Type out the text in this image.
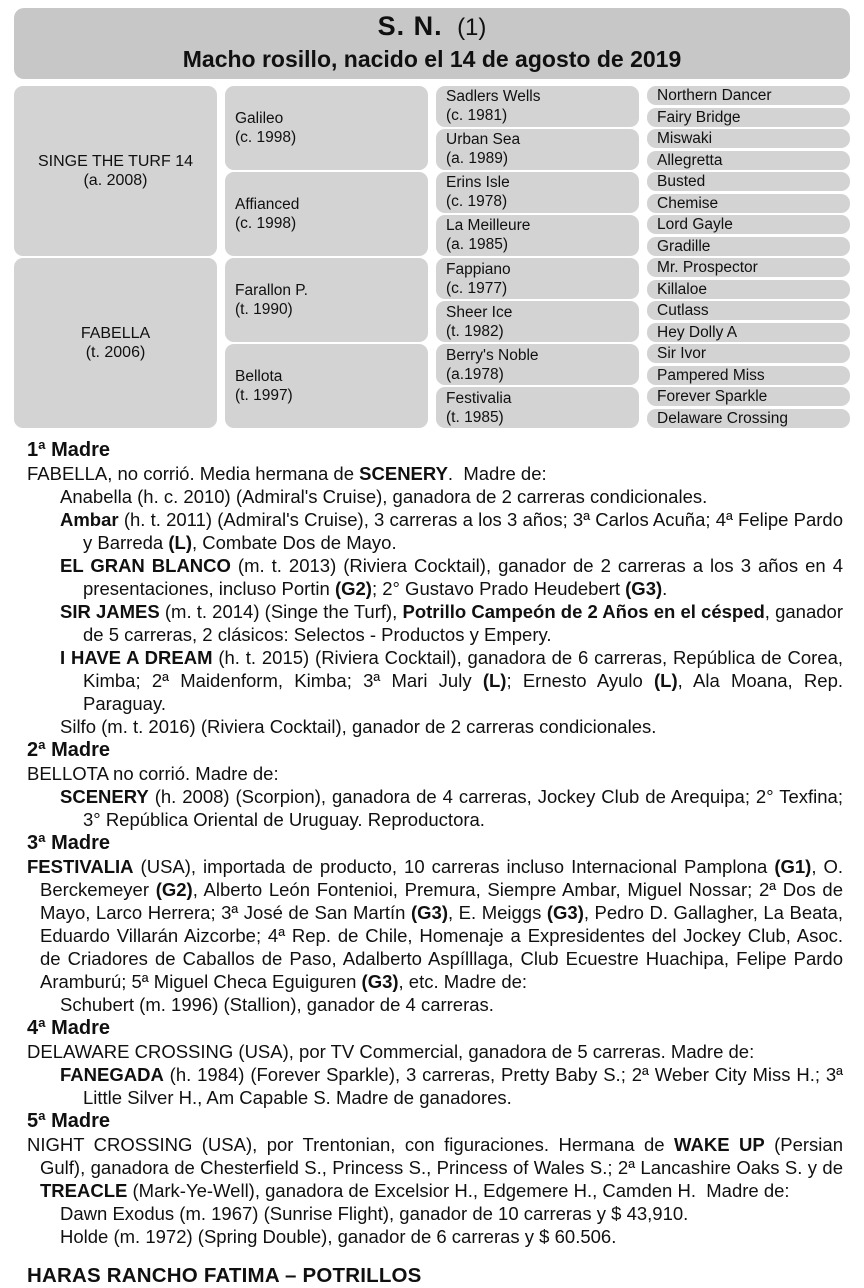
S. N. (1)
Macho rosillo, nacido el 14 de agosto de 2019
SINGE THE TURF 14
(a. 2008)
FABELLA
(t. 2006)
Galileo
(c. 1998)
Affianced
(c. 1998)
Farallon P.
(t. 1990)
Bellota
(t. 1997)
Sadlers Wells
(c. 1981)
Urban Sea
(a. 1989)
Erins Isle
(c. 1978)
La Meilleure
(a. 1985)
Fappiano
(c. 1977)
Sheer Ice
(t. 1982)
Berry's Noble
(a.1978)
Festivalia
(t. 1985)
Northern Dancer
Fairy Bridge
Miswaki
Allegretta
Busted
Chemise
Lord Gayle
Gradille
Mr. Prospector
Killaloe
Cutlass
Hey Dolly A
Sir Ivor
Pampered Miss
Forever Sparkle
Delaware Crossing
1ª Madre
FABELLA, no corrió. Media hermana de SCENERY.  Madre de:
Anabella (h. c. 2010) (Admiral's Cruise), ganadora de 2 carreras condicionales.
Ambar (h. t. 2011) (Admiral's Cruise), 3 carreras a los 3 años; 3ª Carlos Acuña; 4ª Felipe Pardo y Barreda (L), Combate Dos de Mayo.
EL GRAN BLANCO (m. t. 2013) (Riviera Cocktail), ganador de 2 carreras a los 3 años en 4 presentaciones, incluso Portin (G2); 2° Gustavo Prado Heudebert (G3).
SIR JAMES (m. t. 2014) (Singe the Turf), Potrillo Campeón de 2 Años en el césped, ganador de 5 carreras, 2 clásicos: Selectos - Productos y Empery.
I HAVE A DREAM (h. t. 2015) (Riviera Cocktail), ganadora de 6 carreras, República de Corea, Kimba; 2ª Maidenform, Kimba; 3ª Mari July (L); Ernesto Ayulo (L), Ala Moana, Rep. Paraguay.
Silfo (m. t. 2016) (Riviera Cocktail), ganador de 2 carreras condicionales.
2ª Madre
BELLOTA no corrió. Madre de:
SCENERY (h. 2008) (Scorpion), ganadora de 4 carreras, Jockey Club de Arequipa; 2° Texfina; 3° República Oriental de Uruguay. Reproductora.
3ª Madre
FESTIVALIA (USA), importada de producto, 10 carreras incluso Internacional Pamplona (G1), O. Berckemeyer (G2), Alberto León Fontenioi, Premura, Siempre Ambar, Miguel Nossar; 2ª Dos de Mayo, Larco Herrera; 3ª José de San Martín (G3), E. Meiggs (G3), Pedro D. Gallagher, La Beata, Eduardo Villarán Aizcorbe; 4ª Rep. de Chile, Homenaje a Expresidentes del Jockey Club, Asoc. de Criadores de Caballos de Paso, Adalberto Aspílllaga, Club Ecuestre Huachipa, Felipe Pardo Aramburú; 5ª Miguel Checa Eguiguren (G3), etc. Madre de:
Schubert (m. 1996) (Stallion), ganador de 4 carreras.
4ª Madre
DELAWARE CROSSING (USA), por TV Commercial, ganadora de 5 carreras. Madre de:
FANEGADA (h. 1984) (Forever Sparkle), 3 carreras, Pretty Baby S.; 2ª Weber City Miss H.; 3ª Little Silver H., Am Capable S. Madre de ganadores.
5ª Madre
NIGHT CROSSING (USA), por Trentonian, con figuraciones. Hermana de WAKE UP (Persian Gulf), ganadora de Chesterfield S., Princess S., Princess of Wales S.; 2ª Lancashire Oaks S. y de TREACLE (Mark-Ye-Well), ganadora de Excelsior H., Edgemere H., Camden H.  Madre de:
Dawn Exodus (m. 1967) (Sunrise Flight), ganador de 10 carreras y $ 43,910.
Holde (m. 1972) (Spring Double), ganador de 6 carreras y $ 60.506.
HARAS RANCHO FATIMA – POTRILLOS
